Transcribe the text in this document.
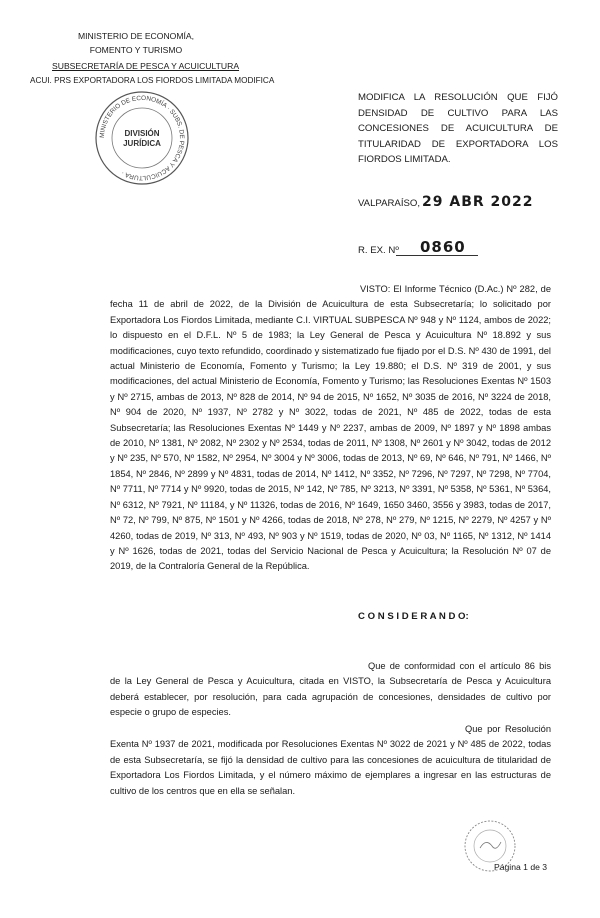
MINISTERIO DE ECONOMÍA,
FOMENTO Y TURISMO
SUBSECRETARÍA DE PESCA Y ACUICULTURA
ACUI. PRS EXPORTADORA LOS FIORDOS LIMITADA MODIFICA
MINISTERIO DE ECONOMÍA · SUBS. DE PESCA Y ACUICULTURA ·
DIVISIÓN
JURÍDICA
MODIFICA LA RESOLUCIÓN QUE FIJÓ DENSIDAD DE CULTIVO PARA LAS CONCESIONES DE ACUICULTURA DE TITULARIDAD DE EXPORTADORA LOS FIORDOS LIMITADA.
VALPARAÍSO, 29 ABR 2022
R. EX. Nº 0860
VISTO: El Informe Técnico (D.Ac.) Nº 282, de fecha 11 de abril de 2022, de la División de Acuicultura de esta Subsecretaría; lo solicitado por Exportadora Los Fiordos Limitada, mediante C.I. VIRTUAL SUBPESCA Nº 948 y Nº 1124, ambos de 2022; lo dispuesto en el D.F.L. Nº 5 de 1983; la Ley General de Pesca y Acuicultura Nº 18.892 y sus modificaciones, cuyo texto refundido, coordinado y sistematizado fue fijado por el D.S. Nº 430 de 1991, del actual Ministerio de Economía, Fomento y Turismo; la Ley 19.880; el D.S. Nº 319 de 2001, y sus modificaciones, del actual Ministerio de Economía, Fomento y Turismo; las Resoluciones Exentas Nº 1503 y Nº 2715, ambas de 2013, Nº 828 de 2014, Nº 94 de 2015, Nº 1652, Nº 3035 de 2016, Nº 3224 de 2018, Nº 904 de 2020, Nº 1937, Nº 2782 y Nº 3022, todas de 2021, Nº 485 de 2022, todas de esta Subsecretaría; las Resoluciones Exentas Nº 1449 y Nº 2237, ambas de 2009, Nº 1897 y Nº 1898 ambas de 2010, Nº 1381, Nº 2082, Nº 2302 y Nº 2534, todas de 2011, Nº 1308, Nº 2601 y Nº 3042, todas de 2012 y Nº 235, Nº 570, Nº 1582, Nº 2954, Nº 3004 y Nº 3006, todas de 2013, Nº 69, Nº 646, Nº 791, Nº 1466, Nº 1854, Nº 2846, Nº 2899 y Nº 4831, todas de 2014, Nº 1412, Nº 3352, Nº 7296, Nº 7297, Nº 7298, Nº 7704, Nº 7711, Nº 7714 y Nº 9920, todas de 2015, Nº 142, Nº 785, Nº 3213, Nº 3391, Nº 5358, Nº 5361, Nº 5364, Nº 6312, Nº 7921, Nº 11184, y Nº 11326, todas de 2016, Nº 1649, 1650 3460, 3556 y 3983, todas de 2017, Nº 72, Nº 799, Nº 875, Nº 1501 y Nº 4266, todas de 2018, Nº 278, Nº 279, Nº 1215, Nº 2279, Nº 4257 y Nº 4260, todas de 2019, Nº 313, Nº 493, Nº 903 y Nº 1519, todas de 2020, Nº 03, Nº 1165, Nº 1312, Nº 1414 y Nº 1626, todas de 2021, todas del Servicio Nacional de Pesca y Acuicultura; la Resolución Nº 07 de 2019, de la Contraloría General de la República.
C O N S I D E R A N D O:
Que de conformidad con el artículo 86 bis de la Ley General de Pesca y Acuicultura, citada en VISTO, la Subsecretaría de Pesca y Acuicultura deberá establecer, por resolución, para cada agrupación de concesiones, densidades de cultivo por especie o grupo de especies.
Que por Resolución Exenta Nº 1937 de 2021, modificada por Resoluciones Exentas Nº 3022 de 2021 y Nº 485 de 2022, todas de esta Subsecretaría, se fijó la densidad de cultivo para las concesiones de acuicultura de titularidad de Exportadora Los Fiordos Limitada, y el número máximo de ejemplares a ingresar en las estructuras de cultivo de los centros que en ella se señalan.
Página 1 de 3
